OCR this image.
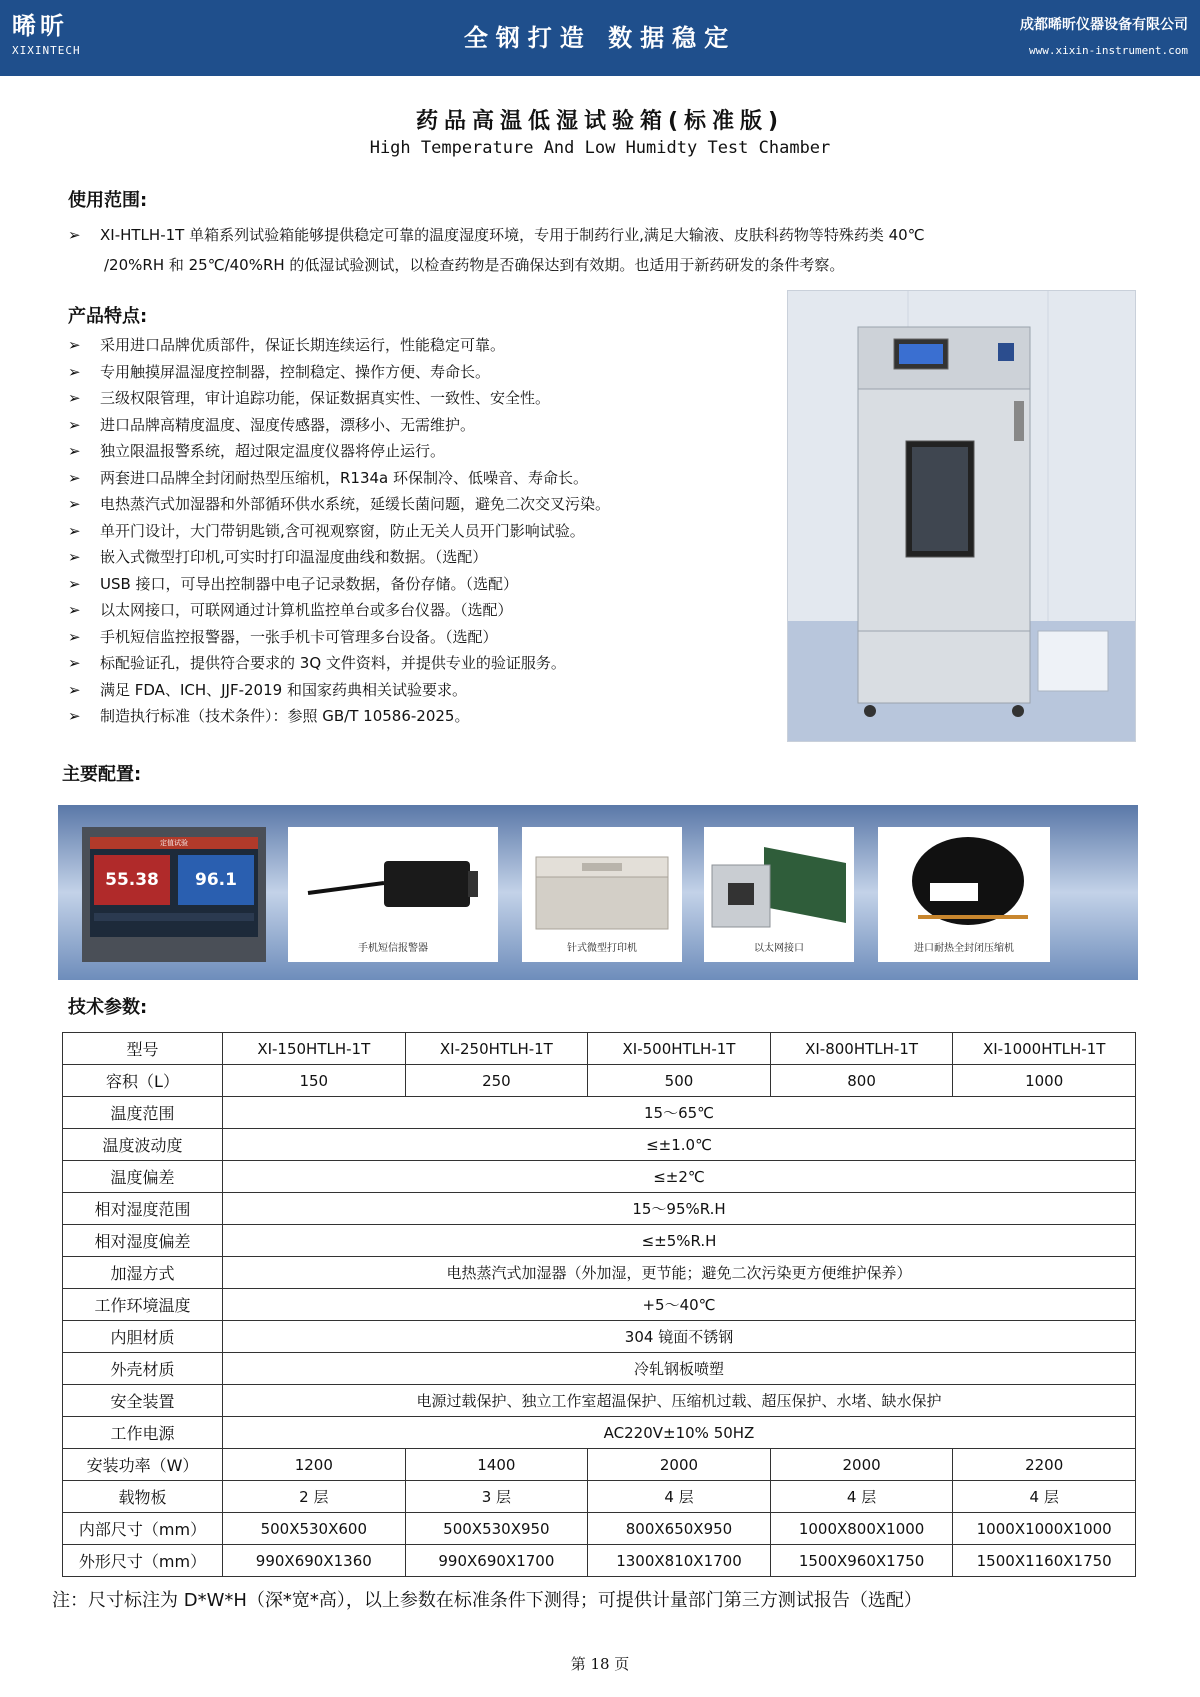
晞昕
XIXINTECH	全钢打造 数据稳定	成都晞昕仪器设备有限公司
www.xixin-instrument.com
药品高温低湿试验箱(标准版)
High Temperature And Low Humidty Test Chamber
使用范围:
➢ XI-HTLH-1T 单箱系列试验箱能够提供稳定可靠的温度湿度环境，专用于制药行业,满足大输液、皮肤科药物等特殊药类 40℃
/20%RH 和 25℃/40%RH 的低湿试验测试，以检查药物是否确保达到有效期。也适用于新药研发的条件考察。
产品特点:
➢ 采用进口品牌优质部件，保证长期连续运行，性能稳定可靠。
➢ 专用触摸屏温湿度控制器，控制稳定、操作方便、寿命长。
➢ 三级权限管理，审计追踪功能，保证数据真实性、一致性、安全性。
➢ 进口品牌高精度温度、湿度传感器，漂移小、无需维护。
➢ 独立限温报警系统，超过限定温度仪器将停止运行。
➢ 两套进口品牌全封闭耐热型压缩机，R134a 环保制冷、低噪音、寿命长。
➢ 电热蒸汽式加湿器和外部循环供水系统，延缓长菌问题，避免二次交叉污染。
➢ 单开门设计，大门带钥匙锁,含可视观察窗，防止无关人员开门影响试验。
➢ 嵌入式微型打印机,可实时打印温湿度曲线和数据。（选配）
➢ USB 接口，可导出控制器中电子记录数据，备份存储。（选配）
➢ 以太网接口，可联网通过计算机监控单台或多台仪器。（选配）
➢ 手机短信监控报警器，一张手机卡可管理多台设备。（选配）
➢ 标配验证孔，提供符合要求的 3Q 文件资料，并提供专业的验证服务。
➢ 满足 FDA、ICH、JJF-2019 和国家药典相关试验要求。
➢ 制造执行标准（技术条件）：参照 GB/T 10586-2025。
主要配置:
定值试验
55.38	96.1
手机短信报警器	针式微型打印机	以太网接口	进口耐热全封闭压缩机
技术参数:
型号	XI-150HTLH-1T	XI-250HTLH-1T	XI-500HTLH-1T	XI-800HTLH-1T	XI-1000HTLH-1T
容积（L）	150	250	500	800	1000
温度范围	15～65℃				
温度波动度	≤±1.0℃				
温度偏差	≤±2℃				
相对湿度范围	15～95%R.H				
相对湿度偏差	≤±5%R.H				
加湿方式	电热蒸汽式加湿器（外加湿，更节能；避免二次污染更方便维护保养）				
工作环境温度	+5～40℃				
内胆材质	304 镜面不锈钢				
外壳材质	冷轧钢板喷塑				
安全装置	电源过载保护、独立工作室超温保护、压缩机过载、超压保护、水堵、缺水保护				
工作电源	AC220V±10% 50HZ				
安装功率（W）	1200	1400	2000	2000	2200
载物板	2 层	3 层	4 层	4 层	4 层
内部尺寸（mm）	500X530X600	500X530X950	800X650X950	1000X800X1000	1000X1000X1000
外形尺寸（mm）	990X690X1360	990X690X1700	1300X810X1700	1500X960X1750	1500X1160X1750
注：尺寸标注为 D*W*H（深*宽*高），以上参数在标准条件下测得；可提供计量部门第三方测试报告（选配）
第 18 页
